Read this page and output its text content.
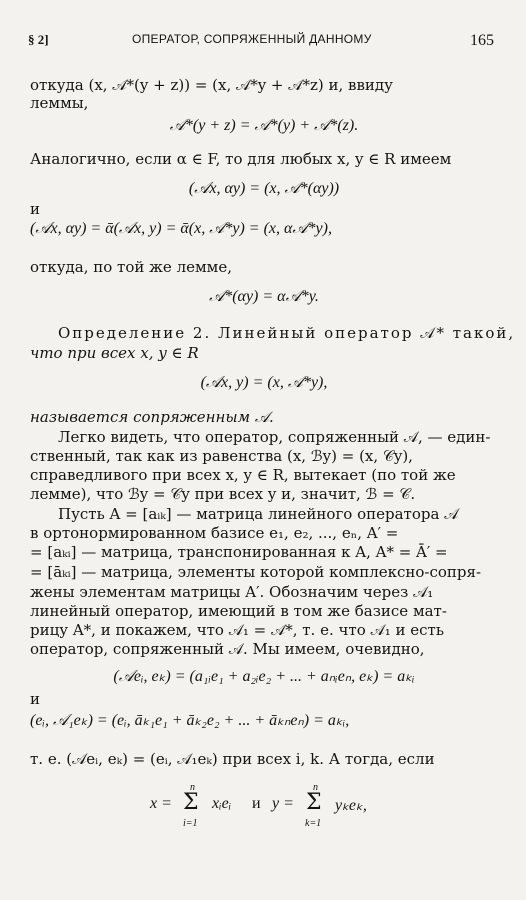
§ 2]	ОПЕРАТОР, СОПРЯЖЕННЫЙ ДАННОМУ	165
откуда (x, 𝒜*(y + z)) = (x, 𝒜*y + 𝒜*z) и, ввиду
леммы,
𝒜*(y + z) = 𝒜*(y) + 𝒜*(z).
Аналогично, если α ∈ F, то для любых x, y ∈ R имеем
(𝒜x, αy) = (x, 𝒜*(αy))
и
(𝒜x, αy) = ᾱ(𝒜x, y) = ᾱ(x, 𝒜*y) = (x, α𝒜*y),
откуда, по той же лемме,
𝒜*(αy) = α𝒜*y.
Определение 2. Линейный оператор 𝒜* такой,
что при всех x, y ∈ R
(𝒜x, y) = (x, 𝒜*y),
называется сопряженным 𝒜.
Легко видеть, что оператор, сопряженный 𝒜, — един-
ственный, так как из равенства (x, ℬy) = (x, 𝒞y),
справедливого при всех x, y ∈ R, вытекает (по той же
лемме), что ℬy = 𝒞y при всех y и, значит, ℬ = 𝒞.
Пусть A = [aᵢₖ] — матрица линейного оператора 𝒜
в ортонормированном базисе e₁, e₂, ..., eₙ, A′ =
= [aₖᵢ] — матрица, транспонированная к A, A* = Ā′ =
= [āₖᵢ] — матрица, элементы которой комплексно-сопря-
жены элементам матрицы A′. Обозначим через 𝒜₁
линейный оператор, имеющий в том же базисе мат-
рицу A*, и покажем, что 𝒜₁ = 𝒜*, т. е. что 𝒜₁ и есть
оператор, сопряженный 𝒜. Мы имеем, очевидно,
(𝒜eᵢ, eₖ) = (a₁ᵢe₁ + a₂ᵢe₂ + ... + aₙᵢeₙ, eₖ) = aₖᵢ
и
(eᵢ, 𝒜₁eₖ) = (eᵢ, āₖ₁e₁ + āₖ₂e₂ + ... + āₖₙeₙ) = aₖᵢ,
т. е. (𝒜eᵢ, eₖ) = (eᵢ, 𝒜₁eₖ) при всех i, k. А тогда, если
x =
n
Σ
i=1
xᵢeᵢ и y =
n
Σ
k=1
yₖeₖ,
